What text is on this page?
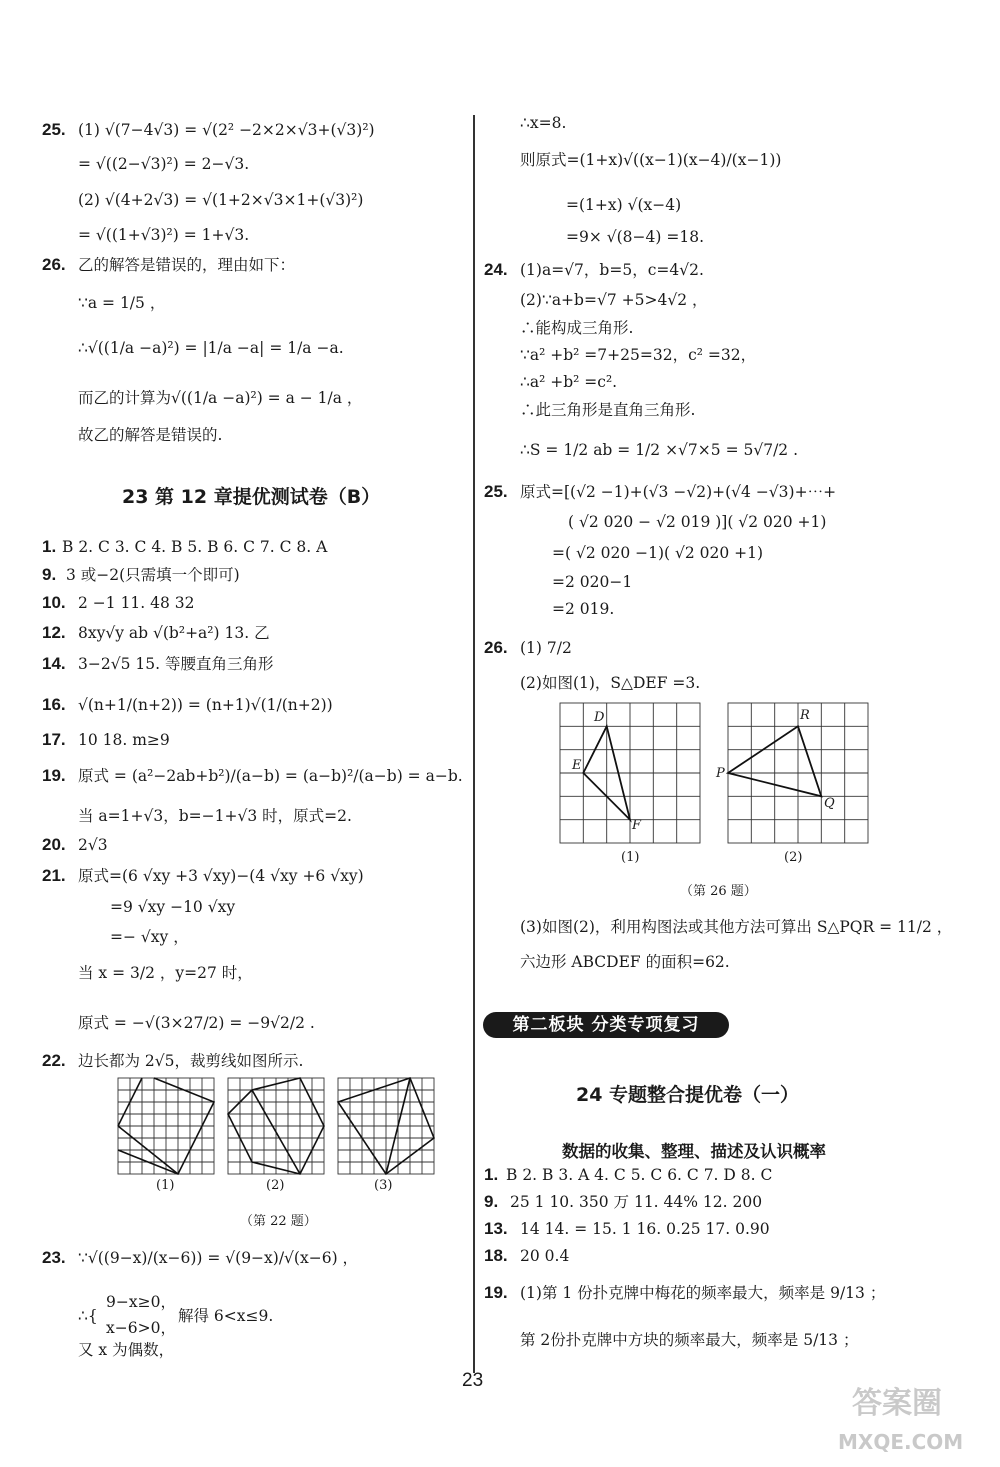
25. (1) √(7−4√3) = √(2² −2×2×√3+(√3)²)
= √((2−√3)²) = 2−√3.
(2) √(4+2√3) = √(1+2×√3×1+(√3)²)
= √((1+√3)²) = 1+√3.
26. 乙的解答是错误的，理由如下：
∵a = 1/5 ，
∴√((1/a −a)²) = |1/a −a| = 1/a −a.
而乙的计算为√((1/a −a)²) = a − 1/a ，
故乙的解答是错误的.
23 第 12 章提优测试卷（B）
1. B 2. C 3. C 4. B 5. B 6. C 7. C 8. A
9. 3 或−2(只需填一个即可)
10. 2 −1 11. 48 32
12. 8xy√y ab √(b²+a²) 13. 乙
14. 3−2√5 15. 等腰直角三角形
16. √(n+1/(n+2)) = (n+1)√(1/(n+2))
17. 10 18. m≥9
19. 原式 = (a²−2ab+b²)/(a−b) = (a−b)²/(a−b) = a−b.
当 a=1+√3，b=−1+√3 时，原式=2.
20. 2√3
21. 原式=(6 √xy +3 √xy)−(4 √xy +6 √xy)
=9 √xy −10 √xy
=− √xy ，
当 x = 3/2 ，y=27 时，
原式 = −√(3×27/2) = −9√2/2 .
22. 边长都为 2√5，裁剪线如图所示.
(1)	(2)	(3)
（第 22 题）
23. ∵√((9−x)/(x−6)) = √(9−x)/√(x−6) ，
∴{
9−x≥0，
x−6>0，
解得 6<x≤9.
又 x 为偶数，
∴x=8.
则原式=(1+x)√((x−1)(x−4)/(x−1))
=(1+x) √(x−4)
=9× √(8−4) =18.
24. (1)a=√7，b=5，c=4√2.
(2)∵a+b=√7 +5>4√2 ，
∴能构成三角形.
∵a² +b² =7+25=32，c² =32，
∴a² +b² =c².
∴此三角形是直角三角形.
∴S = 1/2 ab = 1/2 ×√7×5 = 5√7/2 .
25. 原式=[(√2 −1)+(√3 −√2)+(√4 −√3)+⋯+
( √2 020 − √2 019 )]( √2 020 +1)
=( √2 020 −1)( √2 020 +1)
=2 020−1
=2 019.
26. (1) 7/2
(2)如图(1)，S△DEF =3.
D
E
F
(1)
R
P
Q
(2)
（第 26 题）
(3)如图(2)，利用构图法或其他方法可算出 S△PQR = 11/2 ，
六边形 ABCDEF 的面积=62.
24 专题整合提优卷（一）
数据的收集、整理、描述及认识概率
1. B 2. B 3. A 4. C 5. C 6. C 7. D 8. C
9. 25 1 10. 350 万 11. 44% 12. 200
13. 14 14. = 15. 1 16. 0.25 17. 0.90
18. 20 0.4
19. (1)第 1 份扑克牌中梅花的频率最大，频率是 9/13 ；
第 2份扑克牌中方块的频率最大，频率是 5/13 ；
第二板块 分类专项复习
23
答案圈
MXQE.COM
